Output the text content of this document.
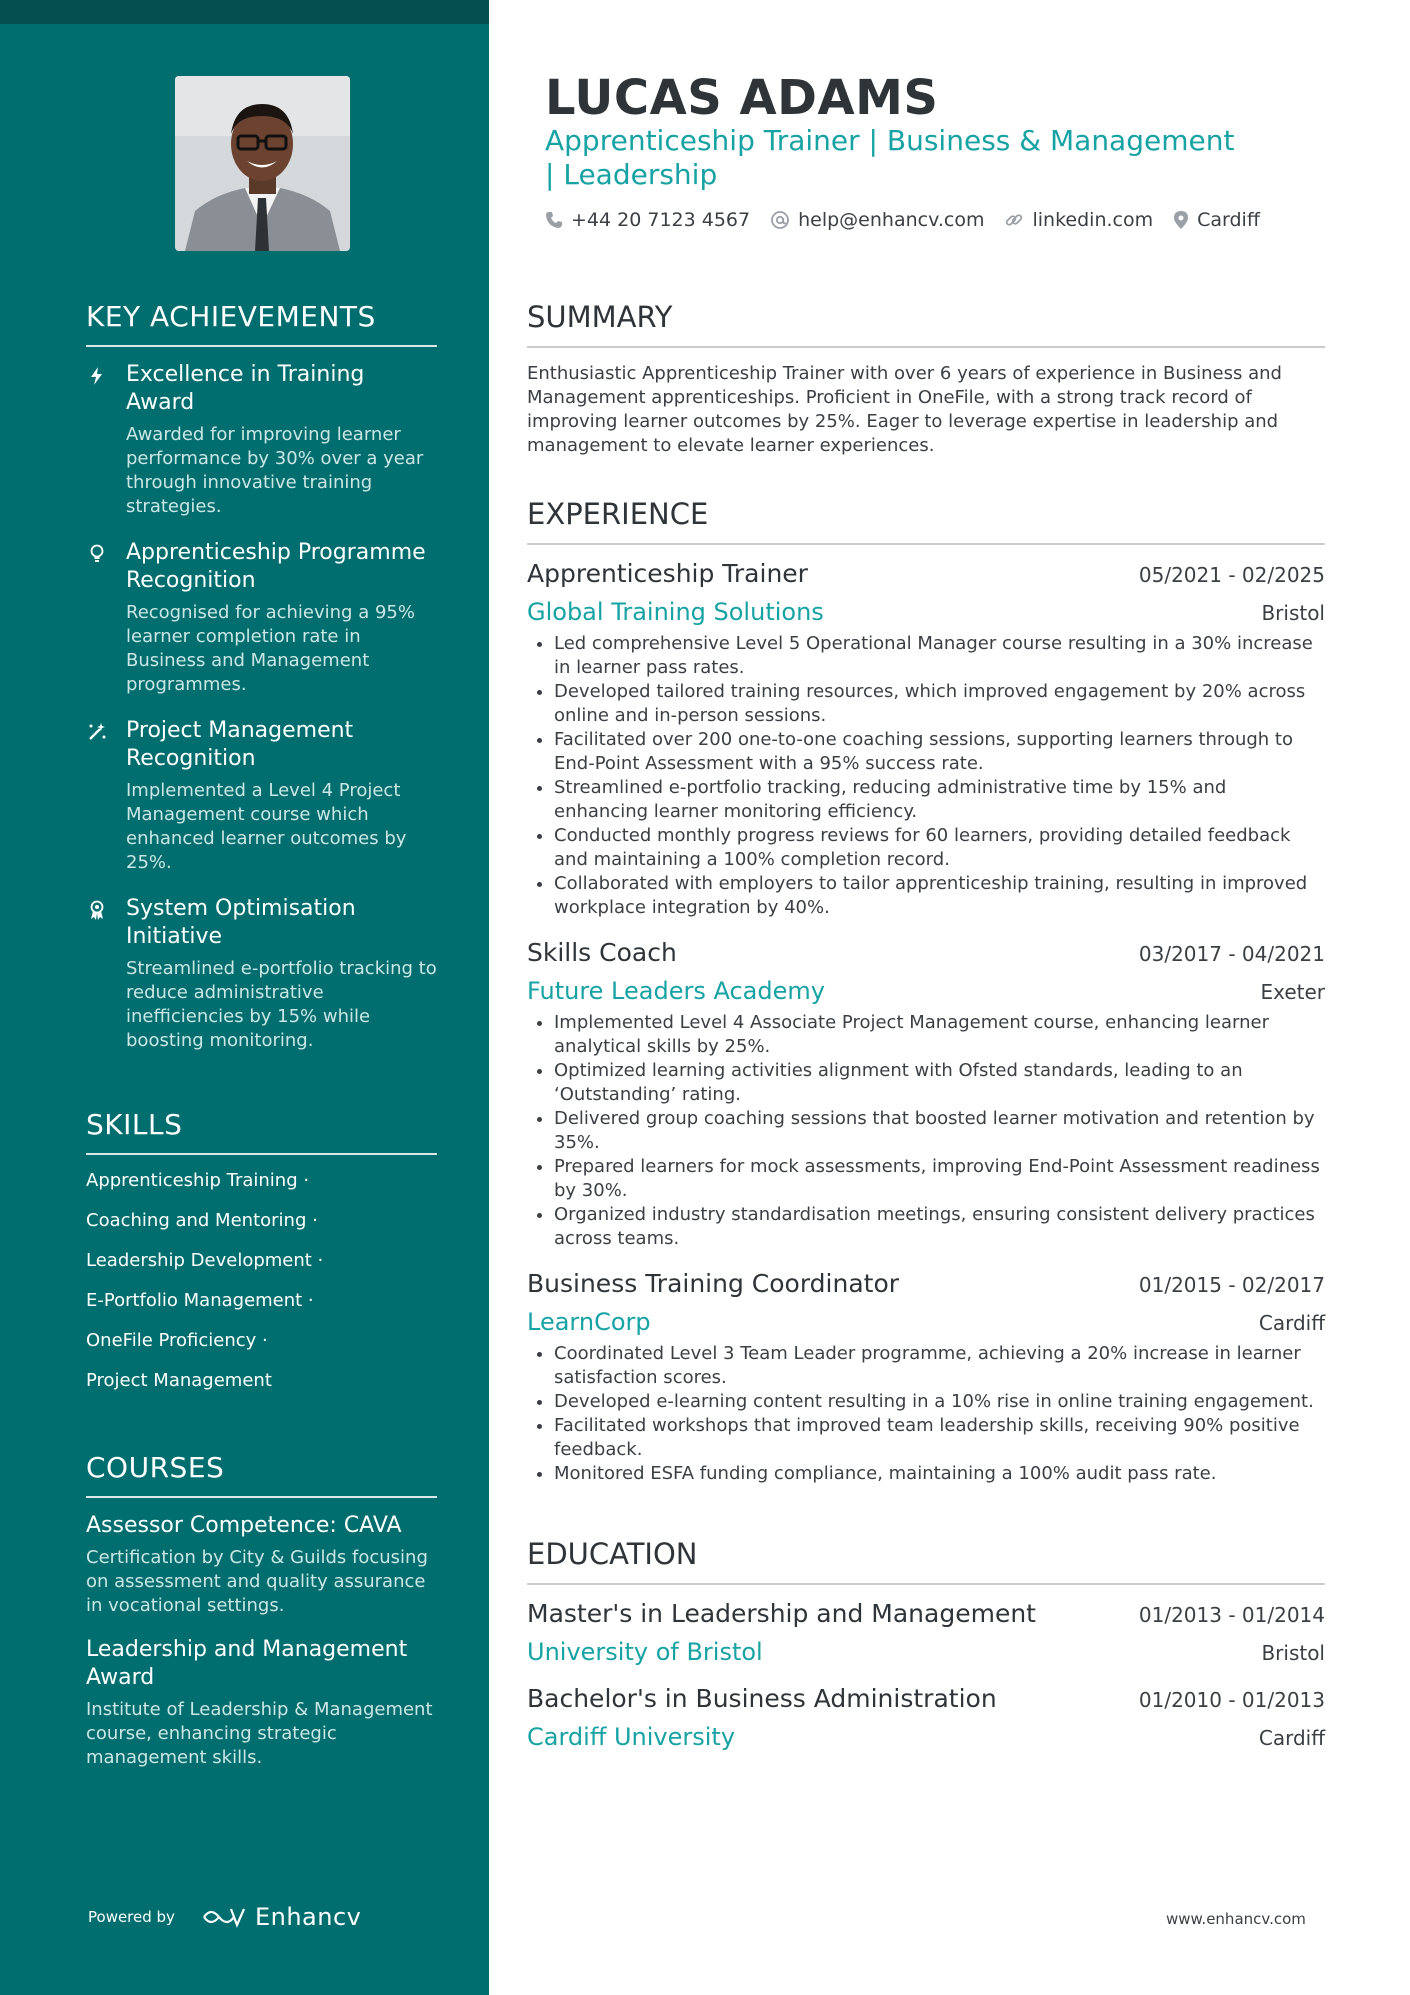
KEY ACHIEVEMENTS
Excellence in Training Award
Awarded for improving learner performance by 30% over a year through innovative training strategies.
Apprenticeship Programme Recognition
Recognised for achieving a 95% learner completion rate in Business and Management programmes.
Project Management Recognition
Implemented a Level 4 Project Management course which enhanced learner outcomes by 25%.
System Optimisation Initiative
Streamlined e-portfolio tracking to reduce administrative inefficiencies by 15% while boosting monitoring.
SKILLS
Apprenticeship Training ·
Coaching and Mentoring ·
Leadership Development ·
E-Portfolio Management ·
OneFile Proficiency ·
Project Management
COURSES
Assessor Competence: CAVA
Certification by City & Guilds focusing on assessment and quality assurance in vocational settings.
Leadership and Management Award
Institute of Leadership & Management course, enhancing strategic management skills.
Powered by	Enhancv
LUCAS ADAMS
Apprenticeship Trainer | Business & Management | Leadership
+44 20 7123 4567	help@enhancv.com	linkedin.com Cardiff
SUMMARY
Enthusiastic Apprenticeship Trainer with over 6 years of experience in Business and Management apprenticeships. Proficient in OneFile, with a strong track record of improving learner outcomes by 25%. Eager to leverage expertise in leadership and management to elevate learner experiences.
EXPERIENCE
Apprenticeship Trainer	05/2021 - 02/2025
Global Training Solutions	Bristol
• Led comprehensive Level 5 Operational Manager course resulting in a 30% increase in learner pass rates.
• Developed tailored training resources, which improved engagement by 20% across online and in-person sessions.
• Facilitated over 200 one-to-one coaching sessions, supporting learners through to End-Point Assessment with a 95% success rate.
• Streamlined e-portfolio tracking, reducing administrative time by 15% and enhancing learner monitoring efficiency.
• Conducted monthly progress reviews for 60 learners, providing detailed feedback and maintaining a 100% completion record.
• Collaborated with employers to tailor apprenticeship training, resulting in improved workplace integration by 40%.
Skills Coach	03/2017 - 04/2021
Future Leaders Academy	Exeter
• Implemented Level 4 Associate Project Management course, enhancing learner analytical skills by 25%.
• Optimized learning activities alignment with Ofsted standards, leading to an ‘Outstanding’ rating.
• Delivered group coaching sessions that boosted learner motivation and retention by 35%.
• Prepared learners for mock assessments, improving End-Point Assessment readiness by 30%.
• Organized industry standardisation meetings, ensuring consistent delivery practices across teams.
Business Training Coordinator	01/2015 - 02/2017
LearnCorp	Cardiff
• Coordinated Level 3 Team Leader programme, achieving a 20% increase in learner satisfaction scores.
• Developed e-learning content resulting in a 10% rise in online training engagement.
• Facilitated workshops that improved team leadership skills, receiving 90% positive feedback.
• Monitored ESFA funding compliance, maintaining a 100% audit pass rate.
EDUCATION
Master's in Leadership and Management	01/2013 - 01/2014
University of Bristol	Bristol
Bachelor's in Business Administration	01/2010 - 01/2013
Cardiff University	Cardiff
www.enhancv.com
